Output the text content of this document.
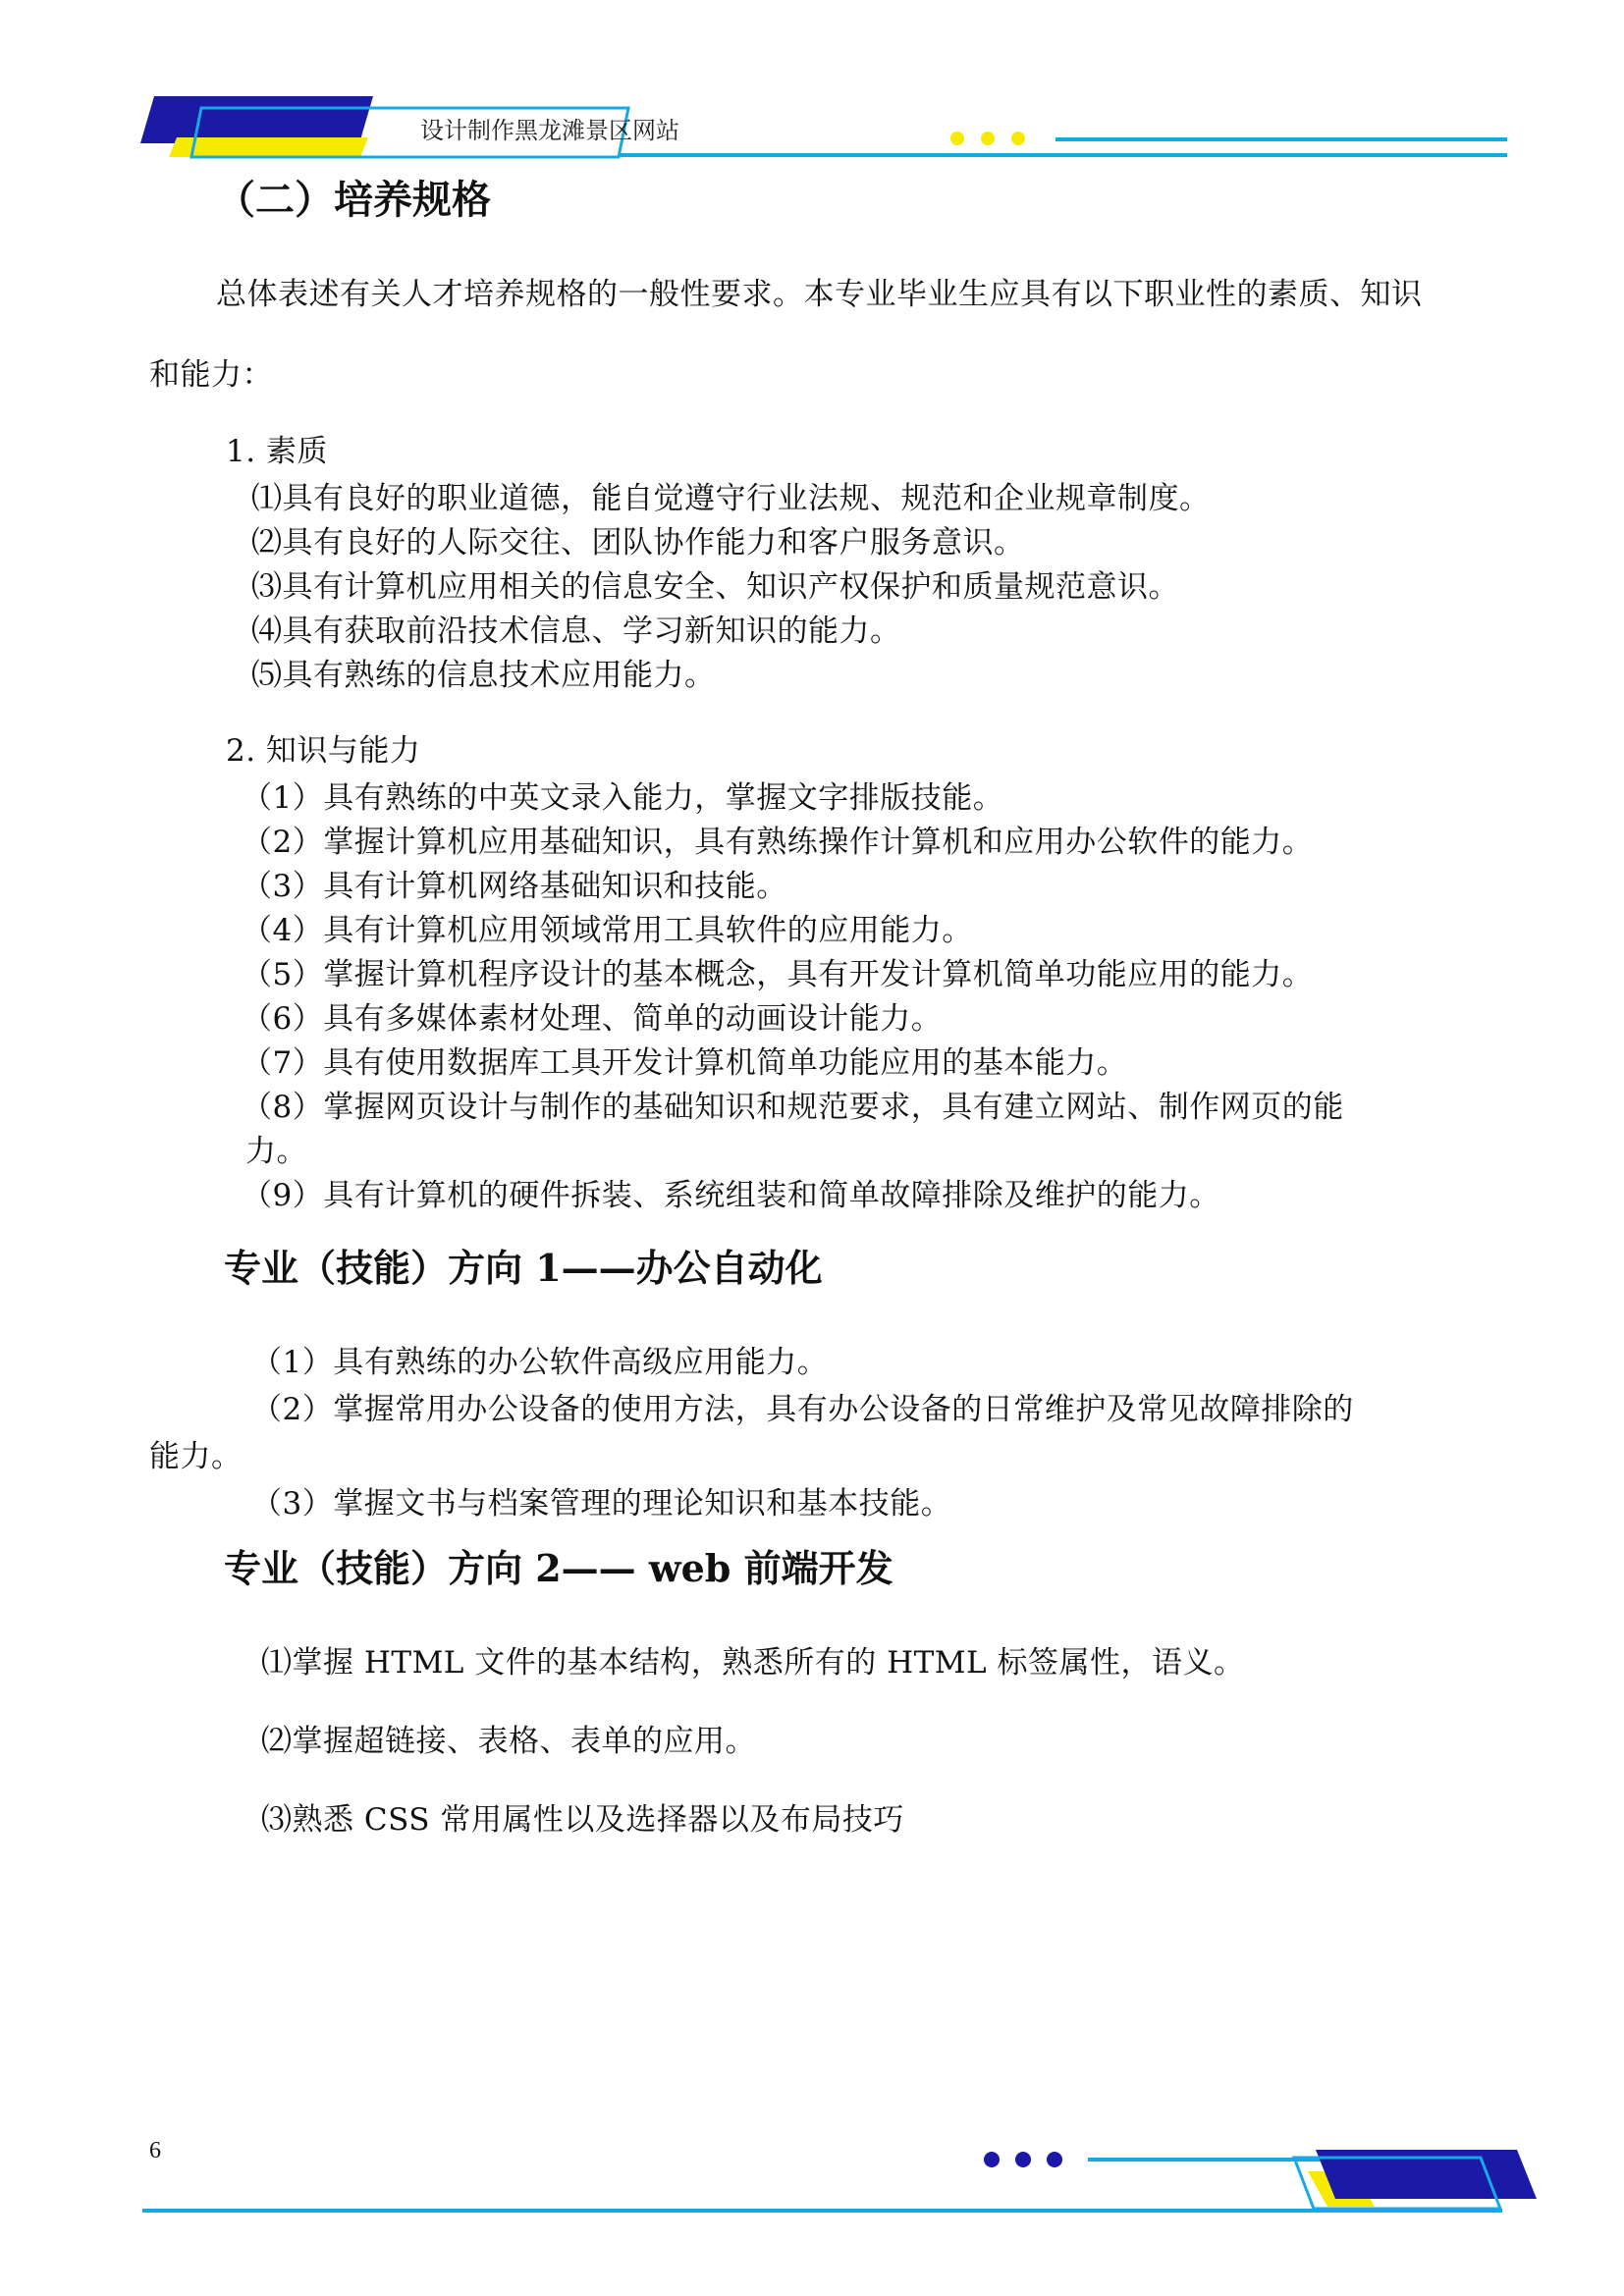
设计制作黑龙滩景区网站
（二）培养规格
总体表述有关人才培养规格的一般性要求。本专业毕业生应具有以下职业性的素质、知识
和能力：
1. 素质
⑴具有良好的职业道德，能自觉遵守行业法规、规范和企业规章制度。
⑵具有良好的人际交往、团队协作能力和客户服务意识。
⑶具有计算机应用相关的信息安全、知识产权保护和质量规范意识。
⑷具有获取前沿技术信息、学习新知识的能力。
⑸具有熟练的信息技术应用能力。
2. 知识与能力
（1）具有熟练的中英文录入能力，掌握文字排版技能。
（2）掌握计算机应用基础知识，具有熟练操作计算机和应用办公软件的能力。
（3）具有计算机网络基础知识和技能。
（4）具有计算机应用领域常用工具软件的应用能力。
（5）掌握计算机程序设计的基本概念，具有开发计算机简单功能应用的能力。
（6）具有多媒体素材处理、简单的动画设计能力。
（7）具有使用数据库工具开发计算机简单功能应用的基本能力。
（8）掌握网页设计与制作的基础知识和规范要求，具有建立网站、制作网页的能
力。
（9）具有计算机的硬件拆装、系统组装和简单故障排除及维护的能力。
专业（技能）方向 1——办公自动化
（1）具有熟练的办公软件高级应用能力。
（2）掌握常用办公设备的使用方法，具有办公设备的日常维护及常见故障排除的
能力。
（3）掌握文书与档案管理的理论知识和基本技能。
专业（技能）方向 2—— web 前端开发
⑴掌握 HTML 文件的基本结构，熟悉所有的 HTML 标签属性，语义。
⑵掌握超链接、表格、表单的应用。
⑶熟悉 CSS 常用属性以及选择器以及布局技巧
6
